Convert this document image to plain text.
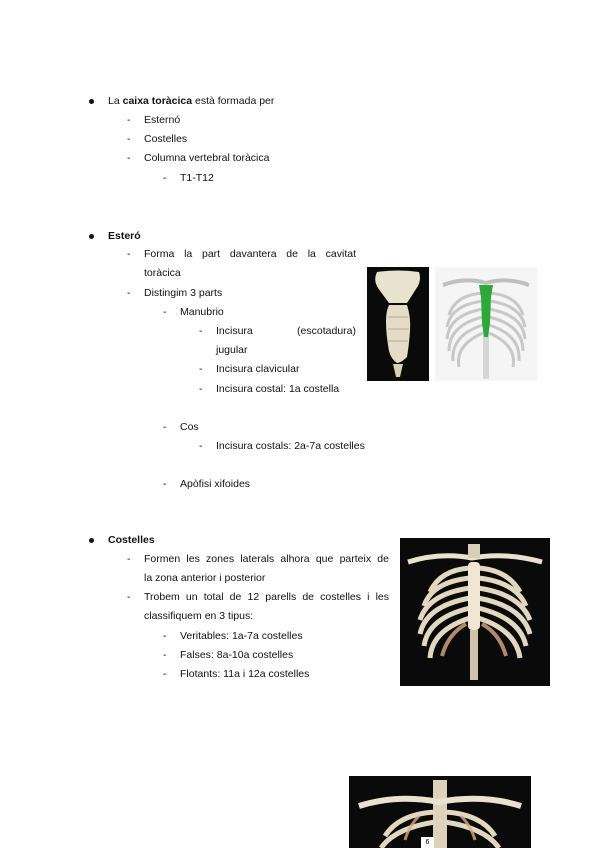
La caixa toràcica està formada per
- Esternó
- Costelles
- Columna vertebral toràcica
- T1-T12
Esteró
- Forma la part davantera de la cavitat
toràcica
- Distingim 3 parts
- Manubrio
- Incisura	(escotadura)
jugular
- Incisura clavicular
- Incisura costal: 1a costella
- Cos
- Incisura costals: 2a-7a costelles
- Apòfisi xifoides
Costelles
- Formen les zones laterals alhora que parteix de
la zona anterior i posterior
- Trobem un total de 12 parells de costelles i les
classifiquem en 3 tipus:
- Veritables: 1a-7a costelles
- Falses: 8a-10a costelles
- Flotants: 11a i 12a costelles
6
